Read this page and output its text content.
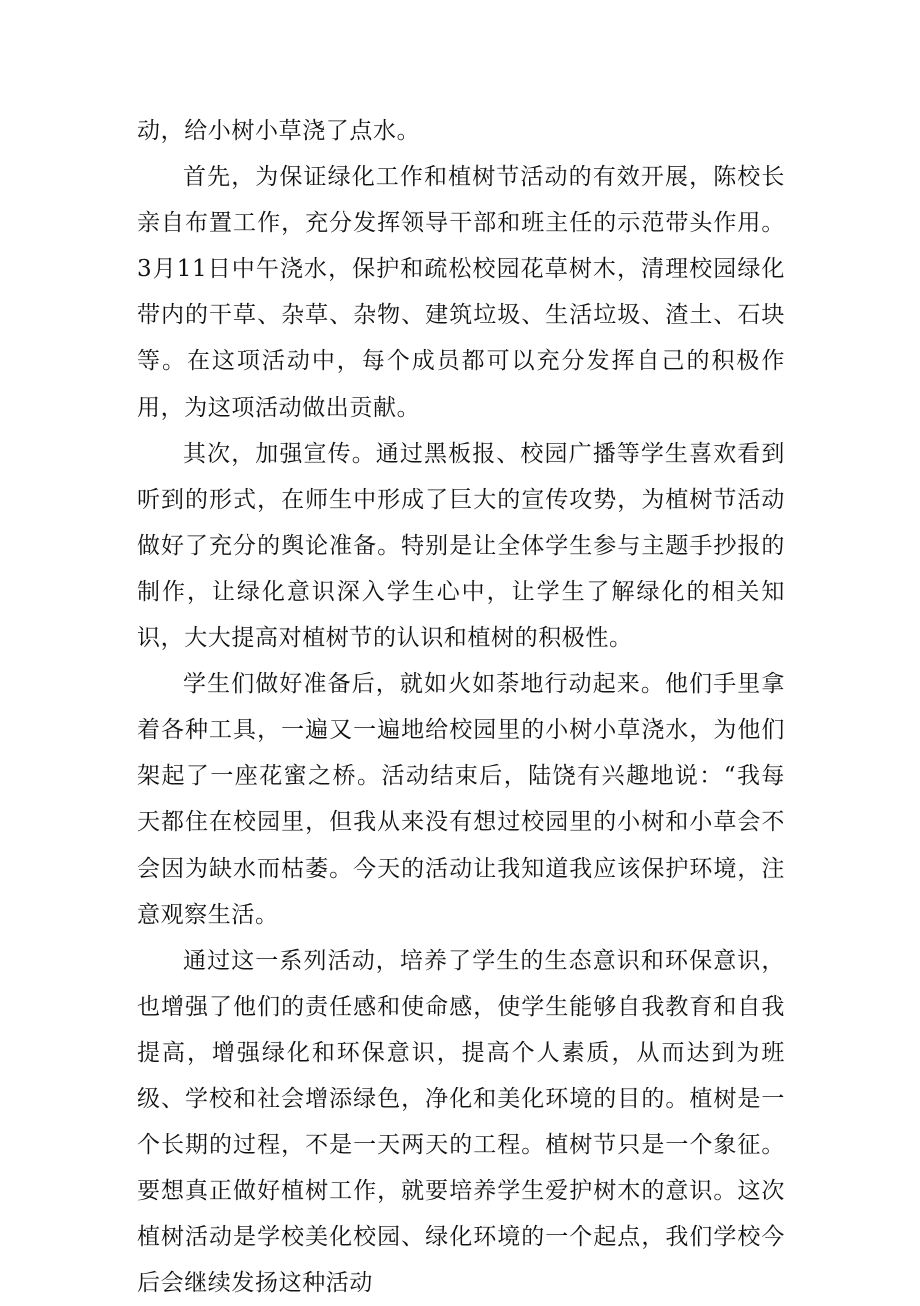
动，给小树小草浇了点水。

首先，为保证绿化工作和植树节活动的有效开展，陈校长亲自布置工作，充分发挥领导干部和班主任的示范带头作用。3月11日中午浇水，保护和疏松校园花草树木，清理校园绿化带内的干草、杂草、杂物、建筑垃圾、生活垃圾、渣土、石块等。在这项活动中，每个成员都可以充分发挥自己的积极作用，为这项活动做出贡献。

其次，加强宣传。通过黑板报、校园广播等学生喜欢看到听到的形式，在师生中形成了巨大的宣传攻势，为植树节活动做好了充分的舆论准备。特别是让全体学生参与主题手抄报的制作，让绿化意识深入学生心中，让学生了解绿化的相关知识，大大提高对植树节的认识和植树的积极性。

学生们做好准备后，就如火如荼地行动起来。他们手里拿着各种工具，一遍又一遍地给校园里的小树小草浇水，为他们架起了一座花蜜之桥。活动结束后，陆饶有兴趣地说：“我每天都住在校园里，但我从来没有想过校园里的小树和小草会不会因为缺水而枯萎。今天的活动让我知道我应该保护环境，注意观察生活。

通过这一系列活动，培养了学生的生态意识和环保意识，也增强了他们的责任感和使命感，使学生能够自我教育和自我提高，增强绿化和环保意识，提高个人素质，从而达到为班级、学校和社会增添绿色，净化和美化环境的目的。植树是一个长期的过程，不是一天两天的工程。植树节只是一个象征。要想真正做好植树工作，就要培养学生爱护树木的意识。这次植树活动是学校美化校园、绿化环境的一个起点，我们学校今后会继续发扬这种活动
